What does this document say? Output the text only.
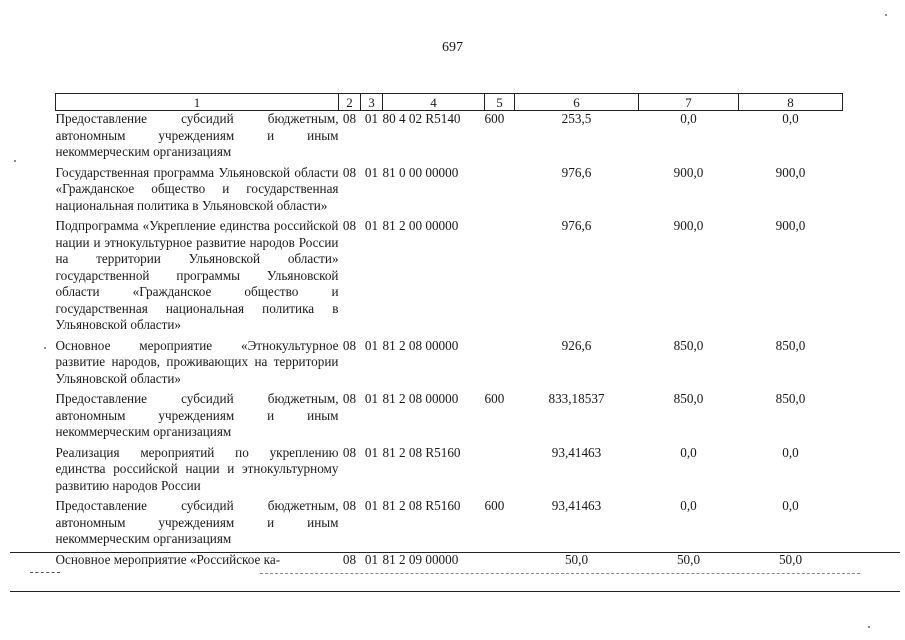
697
1	2	3	4	5	6	7	8
Предоставление субсидий бюджетным, автономным учреждениям и иным некоммерческим организациям	08	01	80 4 02 R5140	600	253,5	0,0	0,0
Государственная программа Ульяновской области «Гражданское общество и государственная национальная политика в Ульяновской области»	08	01	81 0 00 00000		976,6	900,0	900,0
Подпрограмма «Укрепление единства российской нации и этнокультурное развитие народов России на территории Ульяновской области» государственной программы Ульяновской области «Гражданское общество и государственная национальная политика в Ульяновской области»	08	01	81 2 00 00000		976,6	900,0	900,0
Основное мероприятие «Этнокультурное развитие народов, проживающих на территории Ульяновской области»	08	01	81 2 08 00000		926,6	850,0	850,0
Предоставление субсидий бюджетным, автономным учреждениям и иным некоммерческим организациям	08	01	81 2 08 00000	600	833,18537	850,0	850,0
Реализация мероприятий по укреплению единства российской нации и этнокультурному развитию народов России	08	01	81 2 08 R5160		93,41463	0,0	0,0
Предоставление субсидий бюджетным, автономным учреждениям и иным некоммерческим организациям	08	01	81 2 08 R5160	600	93,41463	0,0	0,0
Основное мероприятие «Российское ка-	08	01	81 2 09 00000		50,0	50,0	50,0
